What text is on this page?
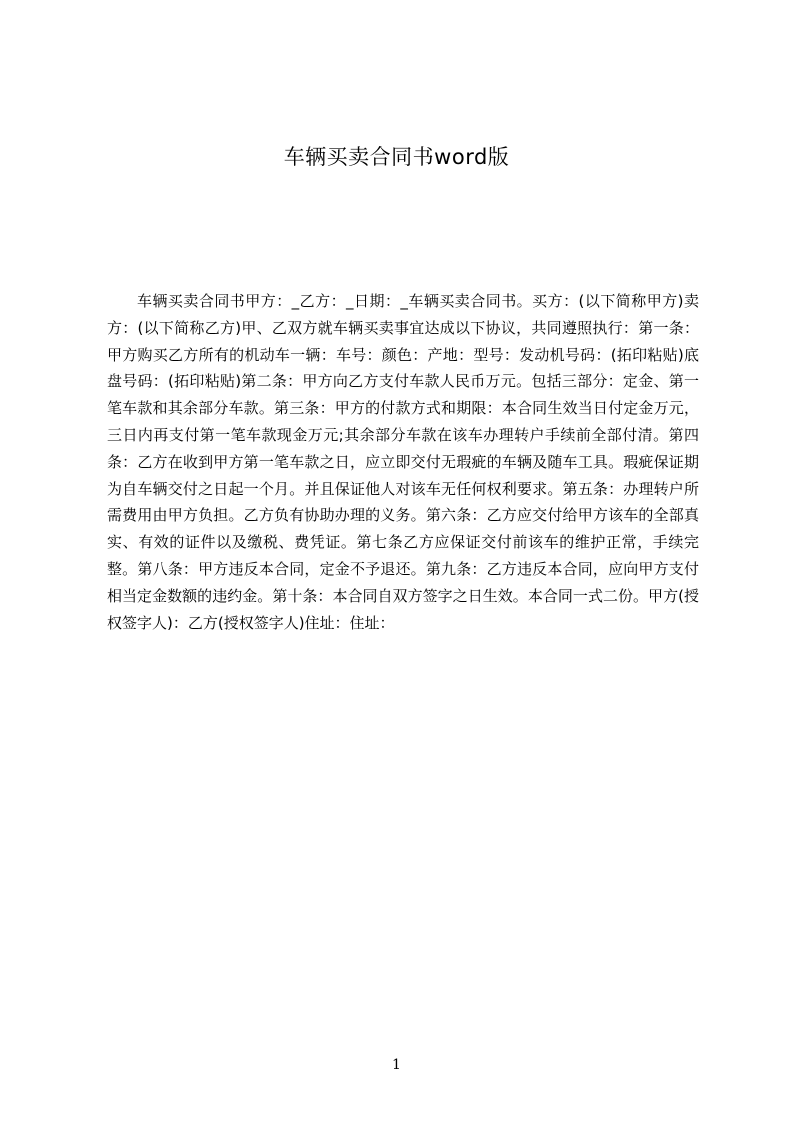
车辆买卖合同书word版
车辆买卖合同书甲方：_乙方：_日期：_车辆买卖合同书。买方：(以下简称甲方)卖方：(以下简称乙方)甲、乙双方就车辆买卖事宜达成以下协议，共同遵照执行：第一条：甲方购买乙方所有的机动车一辆：车号：颜色：产地：型号：发动机号码：(拓印粘贴)底盘号码：(拓印粘贴)第二条：甲方向乙方支付车款人民币万元。包括三部分：定金、第一笔车款和其余部分车款。第三条：甲方的付款方式和期限：本合同生效当日付定金万元，三日内再支付第一笔车款现金万元;其余部分车款在该车办理转户手续前全部付清。第四条：乙方在收到甲方第一笔车款之日，应立即交付无瑕疵的车辆及随车工具。瑕疵保证期为自车辆交付之日起一个月。并且保证他人对该车无任何权利要求。第五条：办理转户所需费用由甲方负担。乙方负有协助办理的义务。第六条：乙方应交付给甲方该车的全部真实、有效的证件以及缴税、费凭证。第七条乙方应保证交付前该车的维护正常，手续完整。第八条：甲方违反本合同，定金不予退还。第九条：乙方违反本合同，应向甲方支付相当定金数额的违约金。第十条：本合同自双方签字之日生效。本合同一式二份。甲方(授权签字人)：乙方(授权签字人)住址：住址：
1
